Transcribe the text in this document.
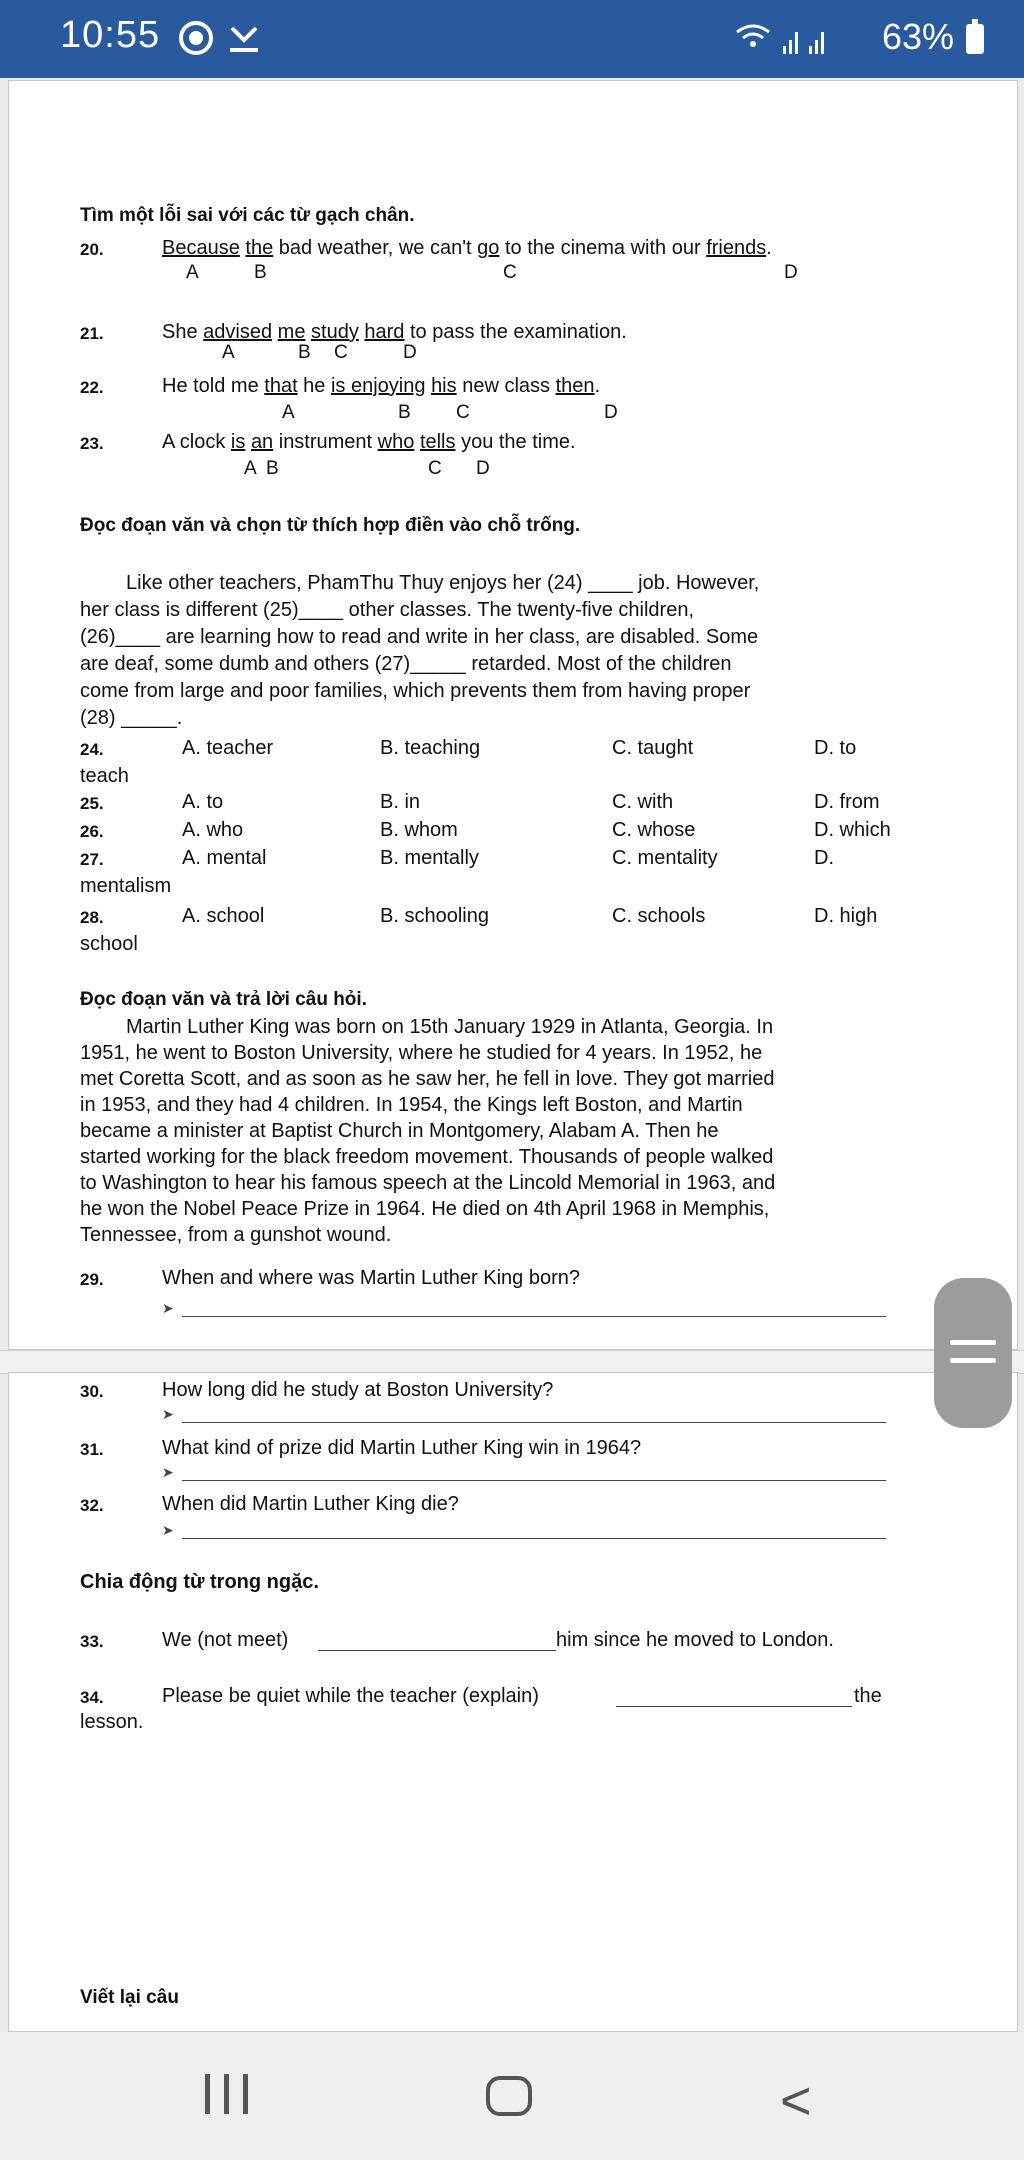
10:55	63%
Tìm một lỗi sai với các từ gạch chân.
20.	Because the bad weather, we can't go to the cinema with our friends.
A	B	C	D
21.	She advised me study hard to pass the examination.
A	B C	D
22.	He told me that he is enjoying his new class then.
A	B C	D
23.	A clock is an instrument who tells you the time.
A B	C D
Đọc đoạn văn và chọn từ thích hợp điền vào chỗ trống.
Like other teachers, PhamThu Thuy enjoys her (24) ____ job. However,
her class is different (25)____ other classes. The twenty-five children,
(26)____ are learning how to read and write in her class, are disabled. Some
are deaf, some dumb and others (27)_____ retarded. Most of the children
come from large and poor families, which prevents them from having proper
(28) _____.
24.	A. teacher	B. teaching	C. taught	D. to
teach
25.	A. to	B. in	C. with	D. from
26.	A. who	B. whom	C. whose	D. which
27.	A. mental	B. mentally	C. mentality	D.
mentalism
28.	A. school	B. schooling	C. schools	D. high
school
Đọc đoạn văn và trả lời câu hỏi.
Martin Luther King was born on 15th January 1929 in Atlanta, Georgia. In
1951, he went to Boston University, where he studied for 4 years. In 1952, he
met Coretta Scott, and as soon as he saw her, he fell in love. They got married
in 1953, and they had 4 children. In 1954, the Kings left Boston, and Martin
became a minister at Baptist Church in Montgomery, Alabam A. Then he
started working for the black freedom movement. Thousands of people walked
to Washington to hear his famous speech at the Lincold Memorial in 1963, and
he won the Nobel Peace Prize in 1964. He died on 4th April 1968 in Memphis,
Tennessee, from a gunshot wound.
29.	When and where was Martin Luther King born?
➤
30.	How long did he study at Boston University?
➤
31.	What kind of prize did Martin Luther King win in 1964?
➤
32.	When did Martin Luther King die?
➤
Chia động từ trong ngặc.
33.	We (not meet)	him since he moved to London.
34.	Please be quiet while the teacher (explain)	the
lesson.
Viết lại câu
<
